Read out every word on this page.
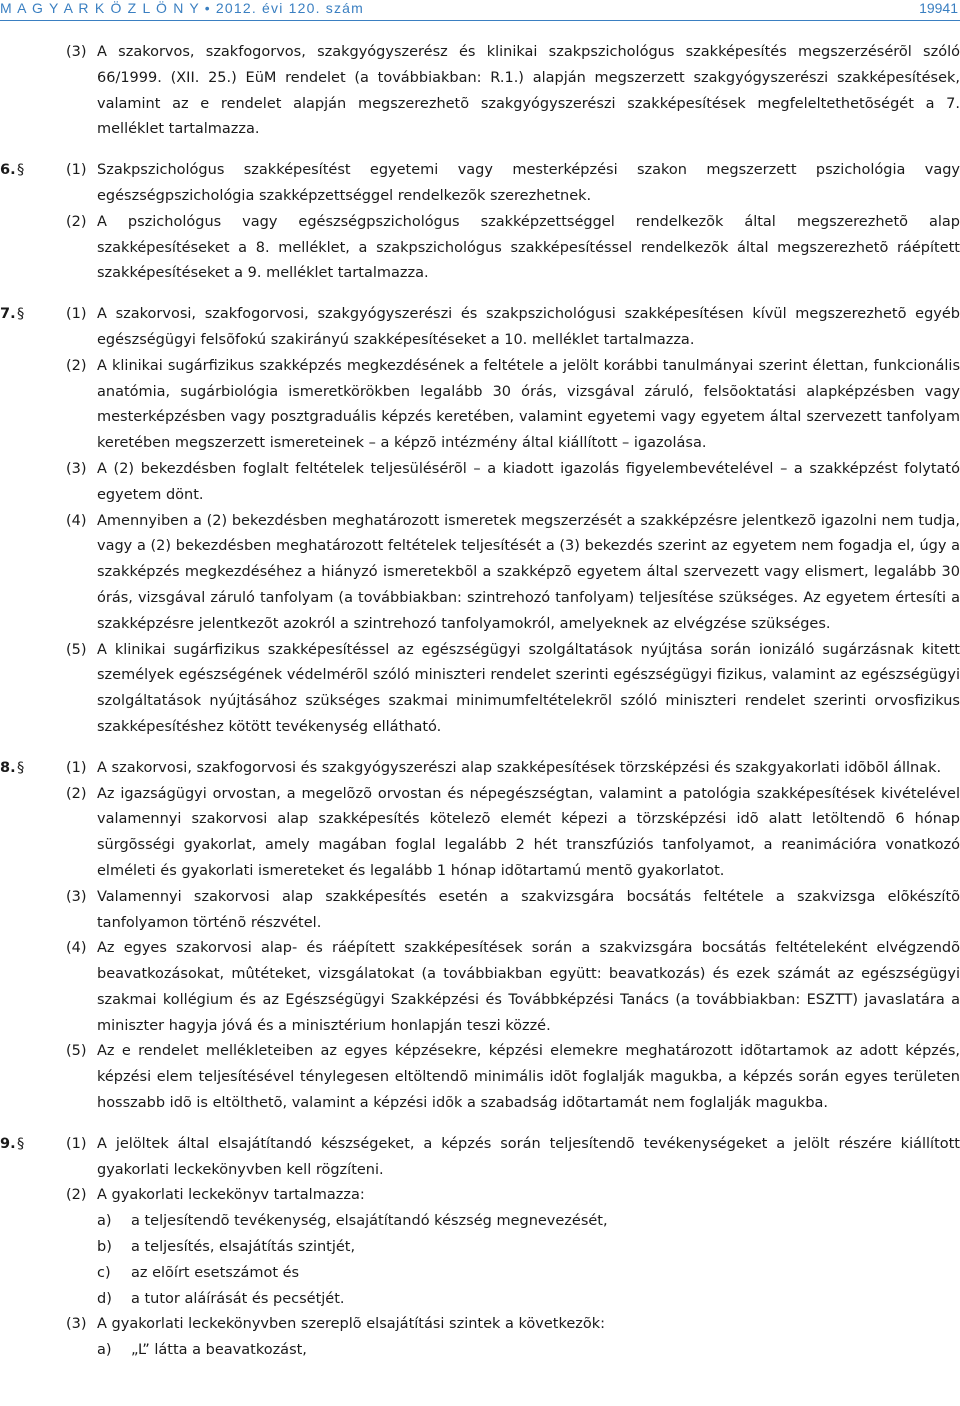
M A G Y A R K Ö Z L Ö N Y • 2012. évi 120. szám	19941
(3) A szakorvos, szakfogorvos, szakgyógyszerész és klinikai szakpszichológus szakképesítés megszerzésérõl szóló 66/1999. (XII. 25.) EüM rendelet (a továbbiakban: R.1.) alapján megszerzett szakgyógyszerészi szakképesítések, valamint az e rendelet alapján megszerezhetõ szakgyógyszerészi szakképesítések megfeleltethetõségét a 7. melléklet tartalmazza.
6. §	(1) Szakpszichológus szakképesítést egyetemi vagy mesterképzési szakon megszerzett pszichológia vagy egészségpszichológia szakképzettséggel rendelkezõk szerezhetnek.
(2) A pszichológus vagy egészségpszichológus szakképzettséggel rendelkezõk által megszerezhetõ alap szakképesítéseket a 8. melléklet, a szakpszichológus szakképesítéssel rendelkezõk által megszerezhetõ ráépített szakképesítéseket a 9. melléklet tartalmazza.
7. §	(1) A szakorvosi, szakfogorvosi, szakgyógyszerészi és szakpszichológusi szakképesítésen kívül megszerezhetõ egyéb egészségügyi felsõfokú szakirányú szakképesítéseket a 10. melléklet tartalmazza.
(2) A klinikai sugárfizikus szakképzés megkezdésének a feltétele a jelölt korábbi tanulmányai szerint élettan, funkcionális anatómia, sugárbiológia ismeretkörökben legalább 30 órás, vizsgával záruló, felsõoktatási alapképzésben vagy mesterképzésben vagy posztgraduális képzés keretében, valamint egyetemi vagy egyetem által szervezett tanfolyam keretében megszerzett ismereteinek – a képzõ intézmény által kiállított – igazolása.
(3) A (2) bekezdésben foglalt feltételek teljesülésérõl – a kiadott igazolás figyelembevételével – a szakképzést folytató egyetem dönt.
(4) Amennyiben a (2) bekezdésben meghatározott ismeretek megszerzését a szakképzésre jelentkezõ igazolni nem tudja, vagy a (2) bekezdésben meghatározott feltételek teljesítését a (3) bekezdés szerint az egyetem nem fogadja el, úgy a szakképzés megkezdéséhez a hiányzó ismeretekbõl a szakképzõ egyetem által szervezett vagy elismert, legalább 30 órás, vizsgával záruló tanfolyam (a továbbiakban: szintrehozó tanfolyam) teljesítése szükséges. Az egyetem értesíti a szakképzésre jelentkezõt azokról a szintrehozó tanfolyamokról, amelyeknek az elvégzése szükséges.
(5) A klinikai sugárfizikus szakképesítéssel az egészségügyi szolgáltatások nyújtása során ionizáló sugárzásnak kitett személyek egészségének védelmérõl szóló miniszteri rendelet szerinti egészségügyi fizikus, valamint az egészségügyi szolgáltatások nyújtásához szükséges szakmai minimumfeltételekrõl szóló miniszteri rendelet szerinti orvosfizikus szakképesítéshez kötött tevékenység ellátható.
8. §	(1) A szakorvosi, szakfogorvosi és szakgyógyszerészi alap szakképesítések törzsképzési és szakgyakorlati idõbõl állnak.
(2) Az igazságügyi orvostan, a megelõzõ orvostan és népegészségtan, valamint a patológia szakképesítések kivételével valamennyi szakorvosi alap szakképesítés kötelezõ elemét képezi a törzsképzési idõ alatt letöltendõ 6 hónap sürgõsségi gyakorlat, amely magában foglal legalább 2 hét transzfúziós tanfolyamot, a reanimációra vonatkozó elméleti és gyakorlati ismereteket és legalább 1 hónap idõtartamú mentõ gyakorlatot.
(3) Valamennyi szakorvosi alap szakképesítés esetén a szakvizsgára bocsátás feltétele a szakvizsga elõkészítõ tanfolyamon történõ részvétel.
(4) Az egyes szakorvosi alap- és ráépített szakképesítések során a szakvizsgára bocsátás feltételeként elvégzendõ beavatkozásokat, mûtéteket, vizsgálatokat (a továbbiakban együtt: beavatkozás) és ezek számát az egészségügyi szakmai kollégium és az Egészségügyi Szakképzési és Továbbképzési Tanács (a továbbiakban: ESZTT) javaslatára a miniszter hagyja jóvá és a minisztérium honlapján teszi közzé.
(5) Az e rendelet mellékleteiben az egyes képzésekre, képzési elemekre meghatározott idõtartamok az adott képzés, képzési elem teljesítésével ténylegesen eltöltendõ minimális idõt foglalják magukba, a képzés során egyes területen hosszabb idõ is eltölthetõ, valamint a képzési idõk a szabadság idõtartamát nem foglalják magukba.
9. §	(1) A jelöltek által elsajátítandó készségeket, a képzés során teljesítendõ tevékenységeket a jelölt részére kiállított gyakorlati leckekönyvben kell rögzíteni.
(2) A gyakorlati leckekönyv tartalmazza:
a) a teljesítendõ tevékenység, elsajátítandó készség megnevezését,
b) a teljesítés, elsajátítás szintjét,
c) az elõírt esetszámot és
d) a tutor aláírását és pecsétjét.
(3) A gyakorlati leckekönyvben szereplõ elsajátítási szintek a következõk:
a) „L” látta a beavatkozást,
